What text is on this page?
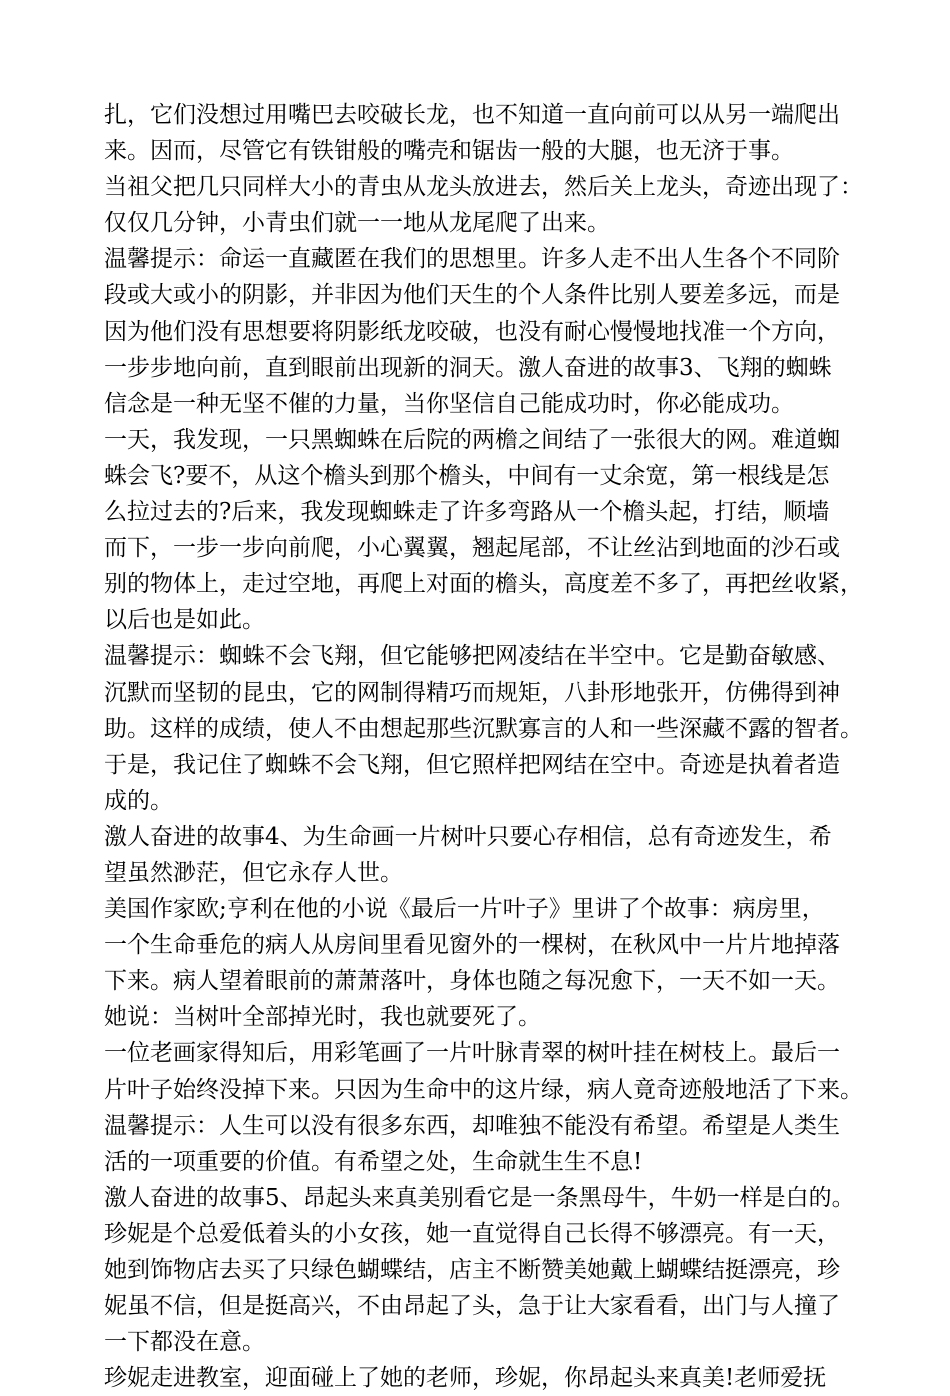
扎，它们没想过用嘴巴去咬破长龙，也不知道一直向前可以从另一端爬出
来。因而，尽管它有铁钳般的嘴壳和锯齿一般的大腿，也无济于事。
当祖父把几只同样大小的青虫从龙头放进去，然后关上龙头，奇迹出现了：
仅仅几分钟，小青虫们就一一地从龙尾爬了出来。
温馨提示：命运一直藏匿在我们的思想里。许多人走不出人生各个不同阶
段或大或小的阴影，并非因为他们天生的个人条件比别人要差多远，而是
因为他们没有思想要将阴影纸龙咬破，也没有耐心慢慢地找准一个方向，
一步步地向前，直到眼前出现新的洞天。激人奋进的故事3、飞翔的蜘蛛
信念是一种无坚不催的力量，当你坚信自己能成功时，你必能成功。
一天，我发现，一只黑蜘蛛在后院的两檐之间结了一张很大的网。难道蜘
蛛会飞?要不，从这个檐头到那个檐头，中间有一丈余宽，第一根线是怎
么拉过去的?后来，我发现蜘蛛走了许多弯路从一个檐头起，打结，顺墙
而下，一步一步向前爬，小心翼翼，翘起尾部，不让丝沾到地面的沙石或
别的物体上，走过空地，再爬上对面的檐头，高度差不多了，再把丝收紧，
以后也是如此。
温馨提示：蜘蛛不会飞翔，但它能够把网凌结在半空中。它是勤奋敏感、
沉默而坚韧的昆虫，它的网制得精巧而规矩，八卦形地张开，仿佛得到神
助。这样的成绩，使人不由想起那些沉默寡言的人和一些深藏不露的智者。
于是，我记住了蜘蛛不会飞翔，但它照样把网结在空中。奇迹是执着者造
成的。
激人奋进的故事4、为生命画一片树叶只要心存相信，总有奇迹发生，希
望虽然渺茫，但它永存人世。
美国作家欧;亨利在他的小说《最后一片叶子》里讲了个故事：病房里，
一个生命垂危的病人从房间里看见窗外的一棵树，在秋风中一片片地掉落
下来。病人望着眼前的萧萧落叶，身体也随之每况愈下，一天不如一天。
她说：当树叶全部掉光时，我也就要死了。
一位老画家得知后，用彩笔画了一片叶脉青翠的树叶挂在树枝上。最后一
片叶子始终没掉下来。只因为生命中的这片绿，病人竟奇迹般地活了下来。
温馨提示：人生可以没有很多东西，却唯独不能没有希望。希望是人类生
活的一项重要的价值。有希望之处，生命就生生不息!
激人奋进的故事5、昂起头来真美别看它是一条黑母牛，牛奶一样是白的。
珍妮是个总爱低着头的小女孩，她一直觉得自己长得不够漂亮。有一天，
她到饰物店去买了只绿色蝴蝶结，店主不断赞美她戴上蝴蝶结挺漂亮，珍
妮虽不信，但是挺高兴，不由昂起了头，急于让大家看看，出门与人撞了
一下都没在意。
珍妮走进教室，迎面碰上了她的老师，珍妮，你昂起头来真美!老师爱抚
